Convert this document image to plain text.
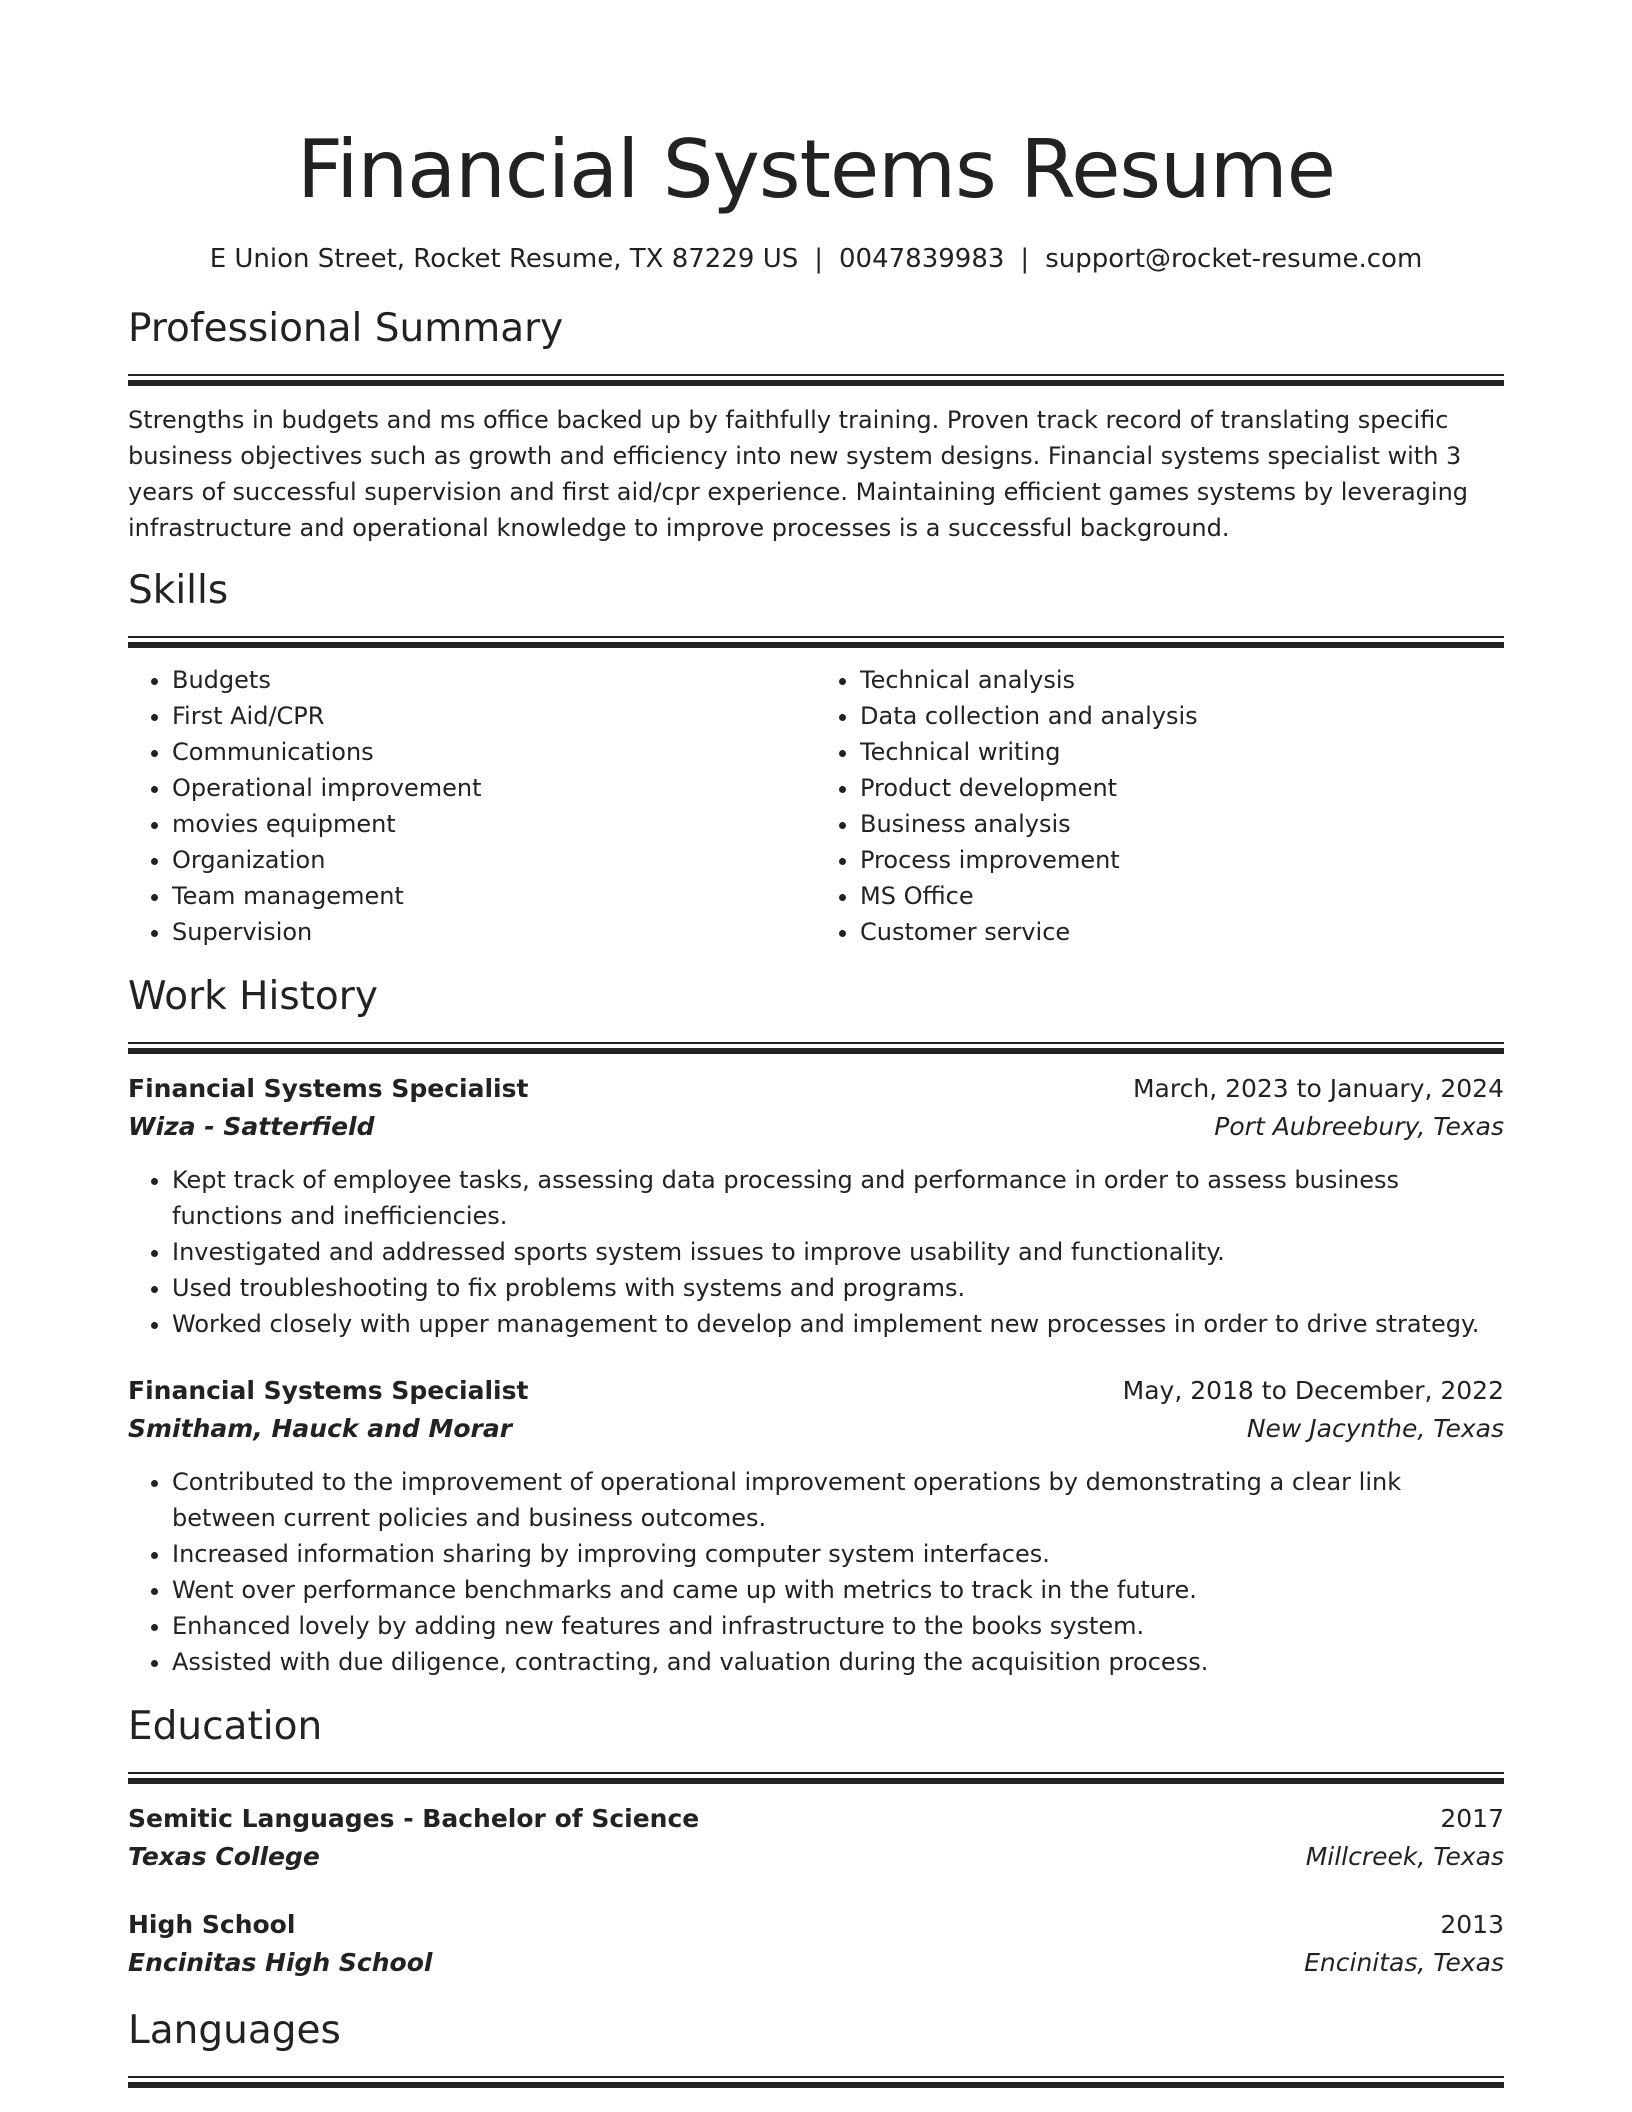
Financial Systems Resume
E Union Street, Rocket Resume, TX 87229 US | 0047839983 | support@rocket-resume.com
Professional Summary

Strengths in budgets and ms office backed up by faithfully training. Proven track record of translating specific business objectives such as growth and efficiency into new system designs. Financial systems specialist with 3 years of successful supervision and first aid/cpr experience. Maintaining efficient games systems by leveraging infrastructure and operational knowledge to improve processes is a successful background.

Skills
• Budgets
• First Aid/CPR
• Communications
• Operational improvement
• movies equipment
• Organization
• Team management
• Supervision
• Technical analysis
• Data collection and analysis
• Technical writing
• Product development
• Business analysis
• Process improvement
• MS Office
• Customer service
Work History
Financial Systems Specialist	March, 2023 to January, 2024
Wiza - Satterfield	Port Aubreebury, Texas
• Kept track of employee tasks, assessing data processing and performance in order to assess business functions and inefficiencies.
• Investigated and addressed sports system issues to improve usability and functionality.
• Used troubleshooting to fix problems with systems and programs.
• Worked closely with upper management to develop and implement new processes in order to drive strategy.
Financial Systems Specialist	May, 2018 to December, 2022
Smitham, Hauck and Morar	New Jacynthe, Texas
• Contributed to the improvement of operational improvement operations by demonstrating a clear link between current policies and business outcomes.
• Increased information sharing by improving computer system interfaces.
• Went over performance benchmarks and came up with metrics to track in the future.
• Enhanced lovely by adding new features and infrastructure to the books system.
• Assisted with due diligence, contracting, and valuation during the acquisition process.
Education
Semitic Languages - Bachelor of Science	2017
Texas College	Millcreek, Texas
High School	2013
Encinitas High School	Encinitas, Texas
Languages
